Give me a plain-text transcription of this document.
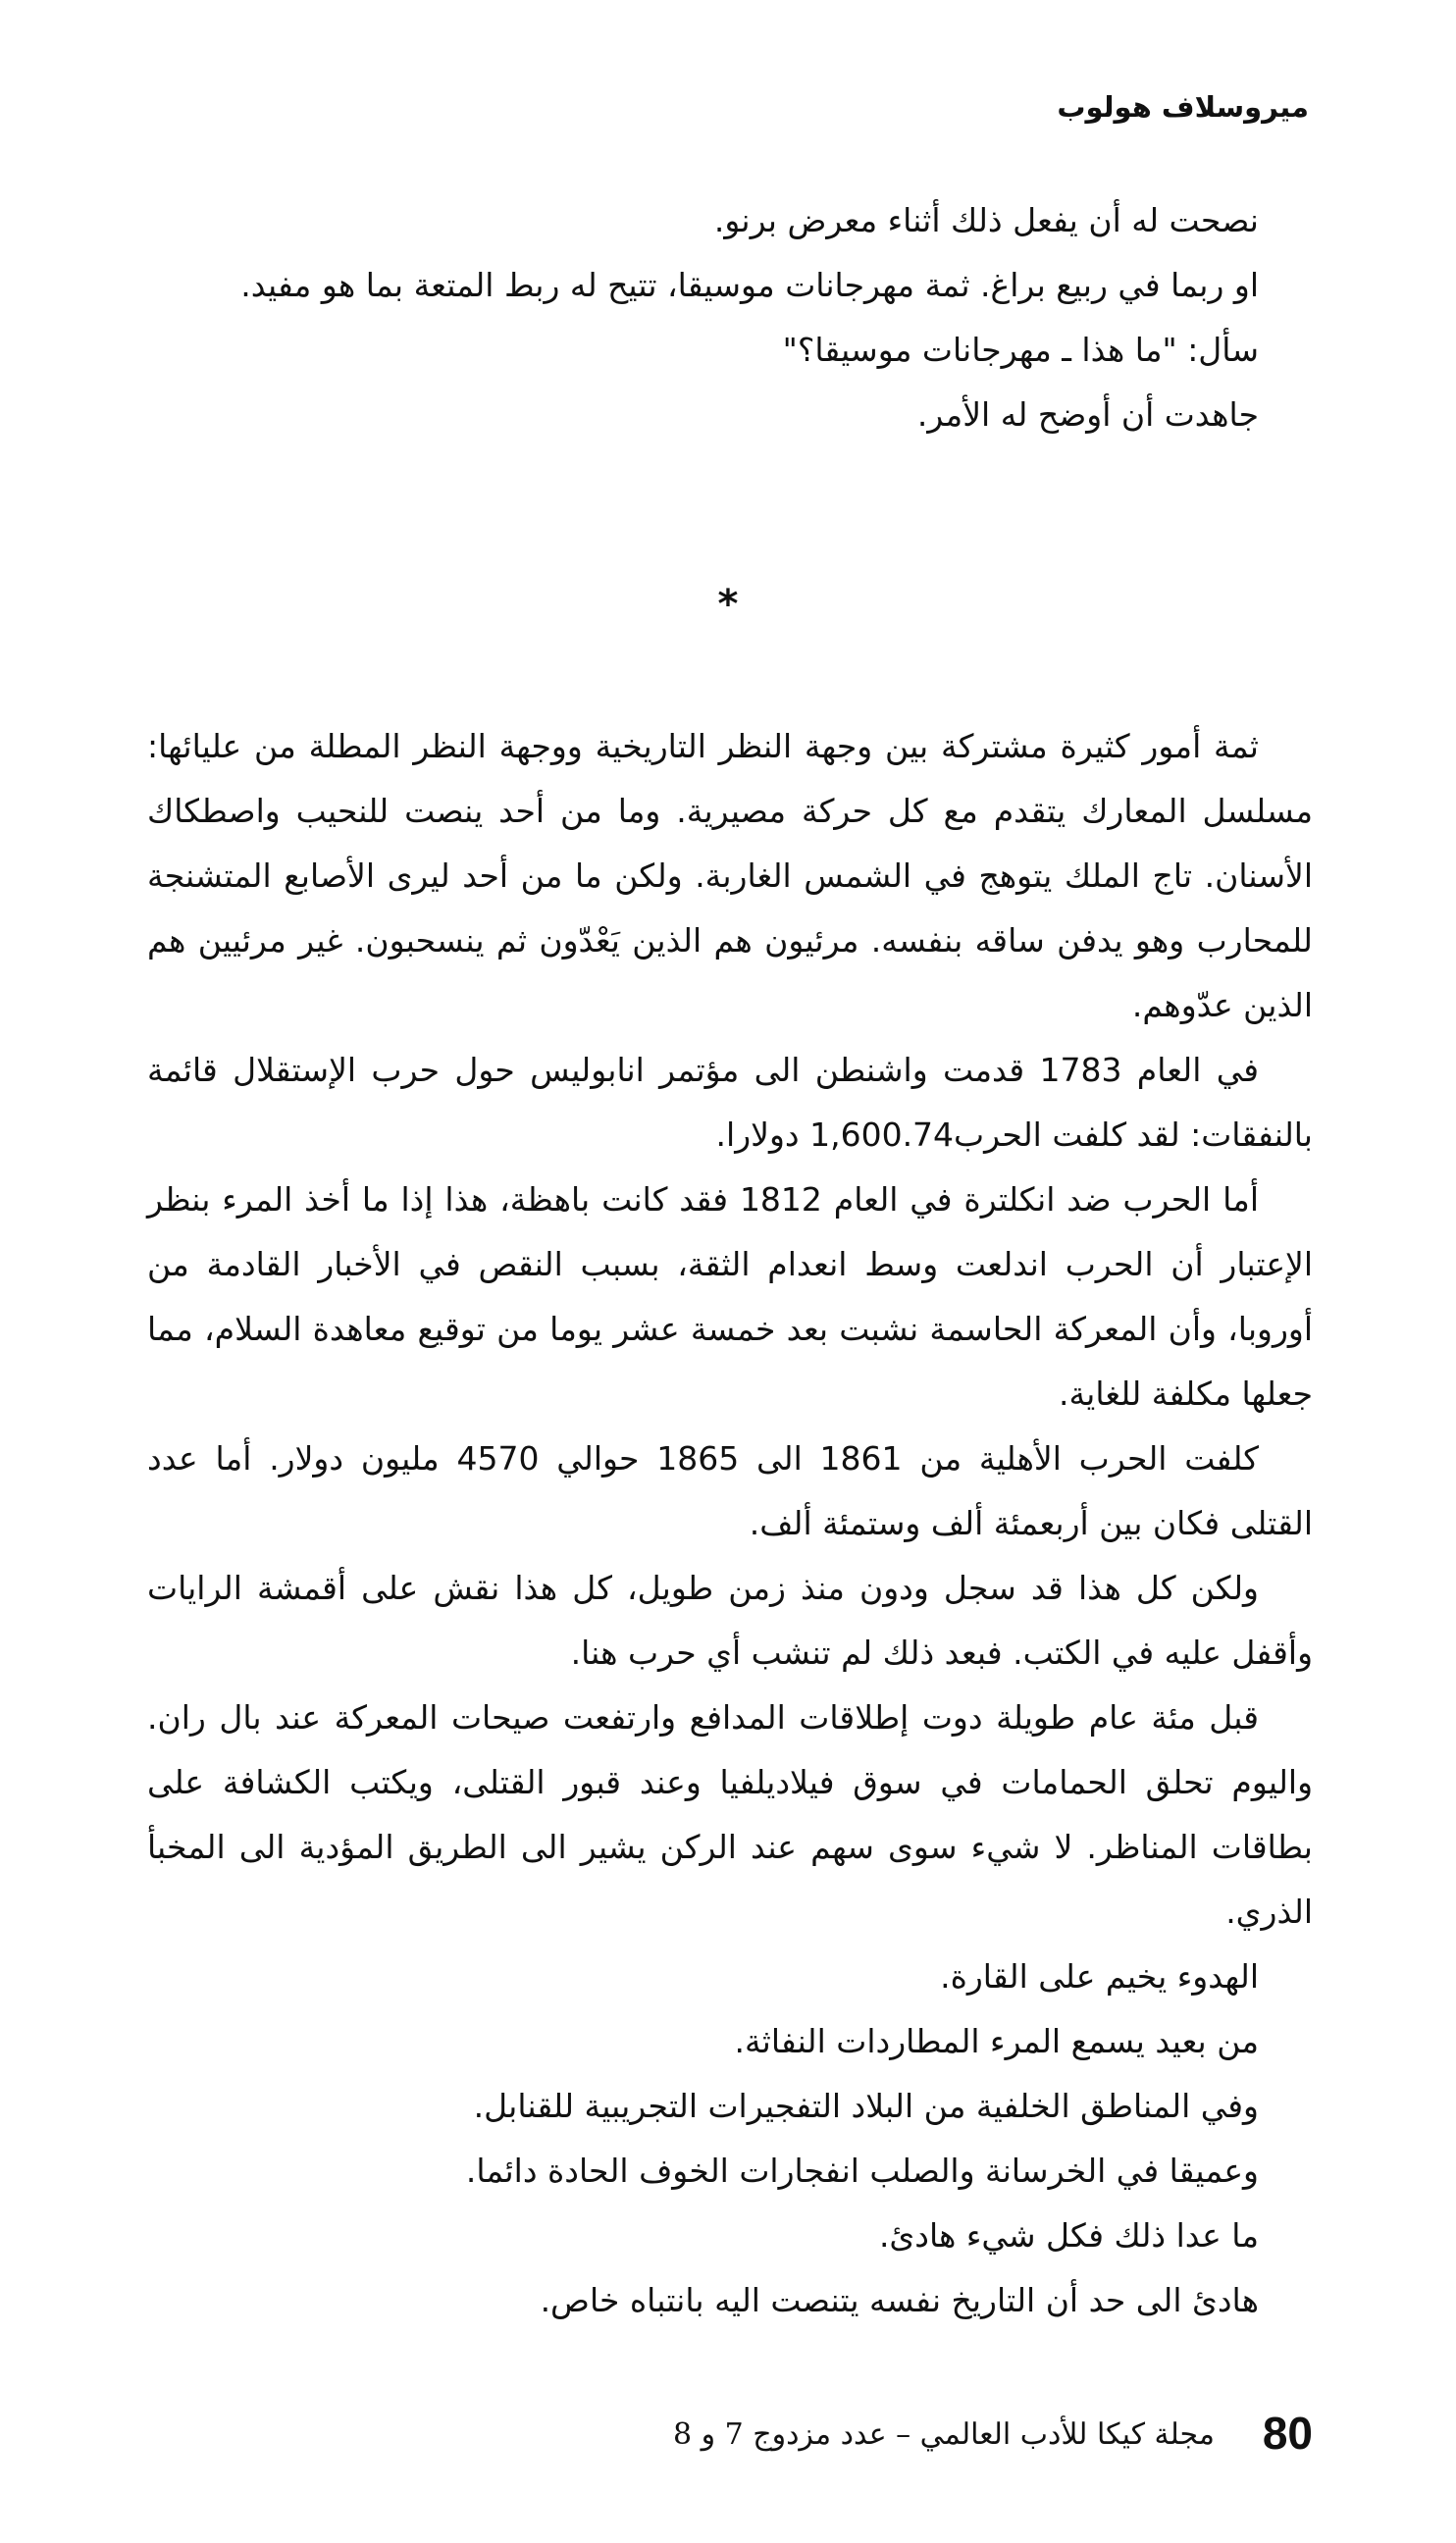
ميروسلاف هولوب

نصحت له أن يفعل ذلك أثناء معرض برنو.

او ربما في ربيع براغ. ثمة مهرجانات موسيقا، تتيح له ربط المتعة بما هو مفيد.

سأل: "ما هذا ـ مهرجانات موسيقا؟"

جاهدت أن أوضح له الأمر.

*

ثمة أمور كثيرة مشتركة بين وجهة النظر التاريخية ووجهة النظر المطلة من عليائها: مسلسل المعارك يتقدم مع كل حركة مصيرية. وما من أحد ينصت للنحيب واصطكاك الأسنان. تاج الملك يتوهج في الشمس الغاربة. ولكن ما من أحد ليرى الأصابع المتشنجة للمحارب وهو يدفن ساقه بنفسه. مرئيون هم الذين يَعْدّون ثم ينسحبون. غير مرئيين هم الذين عدّوهم.

في العام 1783 قدمت واشنطن الى مؤتمر انابوليس حول حرب الإستقلال قائمة بالنفقات: لقد كلفت الحرب1,600.74 دولارا.

أما الحرب ضد انكلترة في العام 1812 فقد كانت باهظة، هذا إذا ما أخذ المرء بنظر الإعتبار أن الحرب اندلعت وسط انعدام الثقة، بسبب النقص في الأخبار القادمة من أوروبا، وأن المعركة الحاسمة نشبت بعد خمسة عشر يوما من توقيع معاهدة السلام، مما جعلها مكلفة للغاية.

كلفت الحرب الأهلية من 1861 الى 1865 حوالي 4570 مليون دولار. أما عدد القتلى فكان بين أربعمئة ألف وستمئة ألف.

ولكن كل هذا قد سجل ودون منذ زمن طويل، كل هذا نقش على أقمشة الرايات وأقفل عليه في الكتب. فبعد ذلك لم تنشب أي حرب هنا.

قبل مئة عام طويلة دوت إطلاقات المدافع وارتفعت صيحات المعركة عند بال ران. واليوم تحلق الحمامات في سوق فيلاديلفيا وعند قبور القتلى، ويكتب الكشافة على بطاقات المناظر. لا شيء سوى سهم عند الركن يشير الى الطريق المؤدية الى المخبأ الذري.

الهدوء يخيم على القارة.

من بعيد يسمع المرء المطاردات النفاثة.

وفي المناطق الخلفية من البلاد التفجيرات التجريبية للقنابل.

وعميقا في الخرسانة والصلب انفجارات الخوف الحادة دائما.

ما عدا ذلك فكل شيء هادئ.

هادئ الى حد أن التاريخ نفسه يتنصت اليه بانتباه خاص.

80
مجلة كيكا للأدب العالمي – عدد مزدوج 7 و 8
